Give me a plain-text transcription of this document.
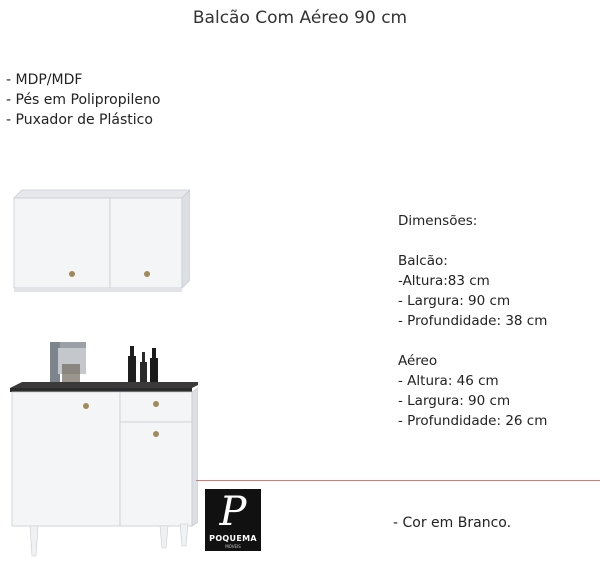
Balcão Com Aéreo 90 cm
- MDP/MDF
- Pés em Polipropileno
- Puxador de Plástico
Dimensões:
Balcão:
-Altura:83 cm
- Largura: 90 cm
- Profundidade: 38 cm
Aéreo
- Altura: 46 cm
- Largura: 90 cm
- Profundidade: 26 cm
P
POQUEMA
MÓVEIS
- Cor em Branco.
